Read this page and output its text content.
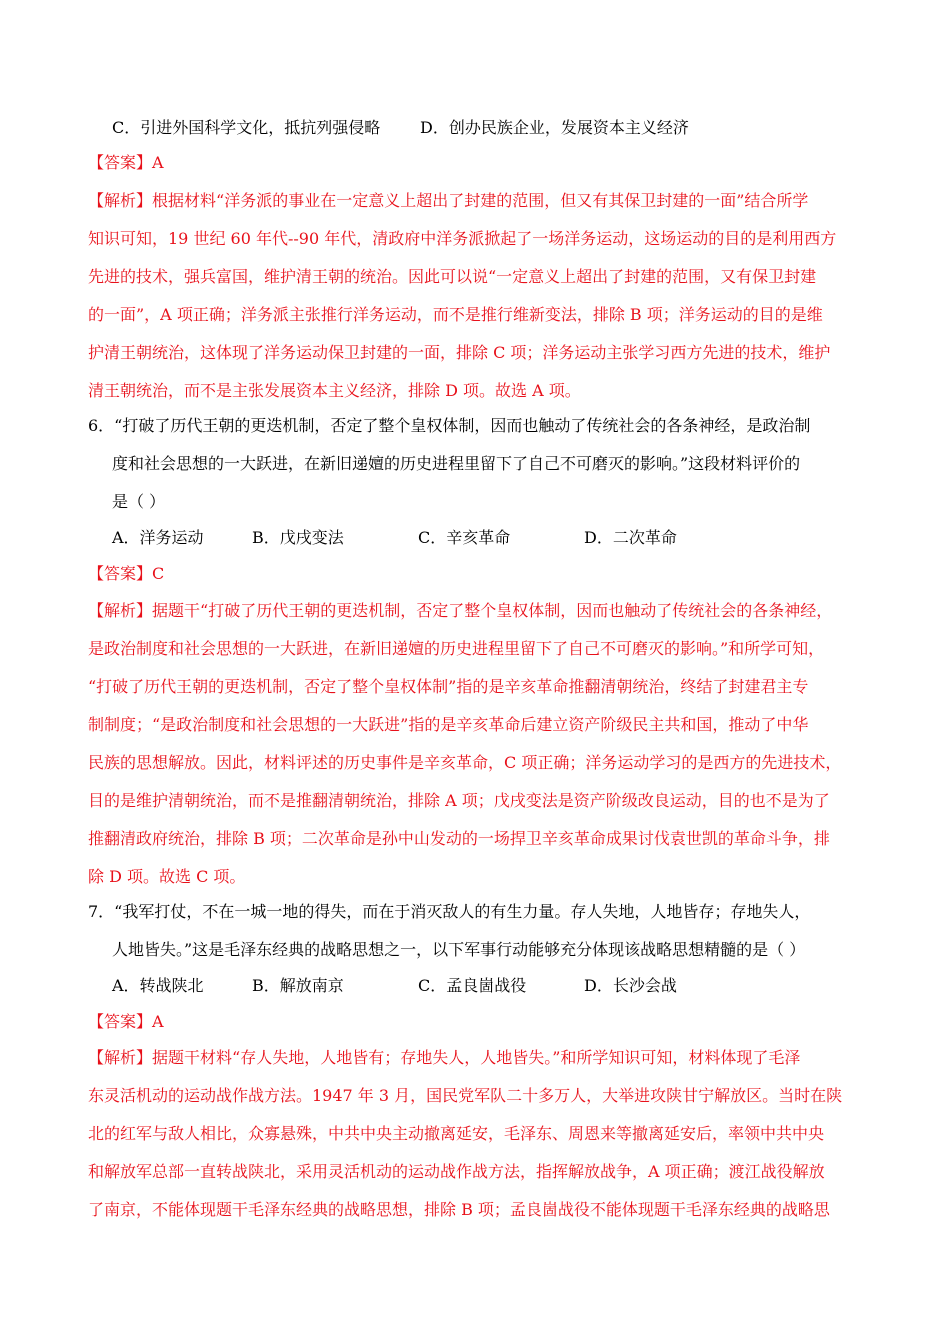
C．引进外国科学文化，抵抗列强侵略 D．创办民族企业，发展资本主义经济
【答案】A
【解析】根据材料“洋务派的事业在一定意义上超出了封建的范围，但又有其保卫封建的一面”结合所学
知识可知，19 世纪 60 年代--90 年代，清政府中洋务派掀起了一场洋务运动，这场运动的目的是利用西方
先进的技术，强兵富国，维护清王朝的统治。因此可以说“一定意义上超出了封建的范围，又有保卫封建
的一面”，A 项正确；洋务派主张推行洋务运动，而不是推行维新变法，排除 B 项；洋务运动的目的是维
护清王朝统治，这体现了洋务运动保卫封建的一面，排除 C 项；洋务运动主张学习西方先进的技术，维护
清王朝统治，而不是主张发展资本主义经济，排除 D 项。故选 A 项。
6．“打破了历代王朝的更迭机制，否定了整个皇权体制，因而也触动了传统社会的各条神经，是政治制
度和社会思想的一大跃进，在新旧递嬗的历史进程里留下了自己不可磨灭的影响。”这段材料评价的
是（ ）
A．洋务运动	B．戊戌变法	C．辛亥革命	D．二次革命
【答案】C
【解析】据题干“打破了历代王朝的更迭机制，否定了整个皇权体制，因而也触动了传统社会的各条神经，
是政治制度和社会思想的一大跃进，在新旧递嬗的历史进程里留下了自己不可磨灭的影响。”和所学可知，
“打破了历代王朝的更迭机制，否定了整个皇权体制”指的是辛亥革命推翻清朝统治，终结了封建君主专
制制度；“是政治制度和社会思想的一大跃进”指的是辛亥革命后建立资产阶级民主共和国，推动了中华
民族的思想解放。因此，材料评述的历史事件是辛亥革命，C 项正确；洋务运动学习的是西方的先进技术，
目的是维护清朝统治，而不是推翻清朝统治，排除 A 项；戊戌变法是资产阶级改良运动，目的也不是为了
推翻清政府统治，排除 B 项；二次革命是孙中山发动的一场捍卫辛亥革命成果讨伐袁世凯的革命斗争，排
除 D 项。故选 C 项。
7．“我军打仗，不在一城一地的得失，而在于消灭敌人的有生力量。存人失地，人地皆存；存地失人，
人地皆失。”这是毛泽东经典的战略思想之一，以下军事行动能够充分体现该战略思想精髓的是（ ）
A．转战陕北	B．解放南京	C．孟良崮战役	D．长沙会战
【答案】A
【解析】据题干材料“存人失地，人地皆有；存地失人，人地皆失。”和所学知识可知，材料体现了毛泽
东灵活机动的运动战作战方法。1947 年 3 月，国民党军队二十多万人，大举进攻陕甘宁解放区。当时在陕
北的红军与敌人相比，众寡悬殊，中共中央主动撤离延安，毛泽东、周恩来等撤离延安后，率领中共中央
和解放军总部一直转战陕北，采用灵活机动的运动战作战方法，指挥解放战争，A 项正确；渡江战役解放
了南京，不能体现题干毛泽东经典的战略思想，排除 B 项；孟良崮战役不能体现题干毛泽东经典的战略思
